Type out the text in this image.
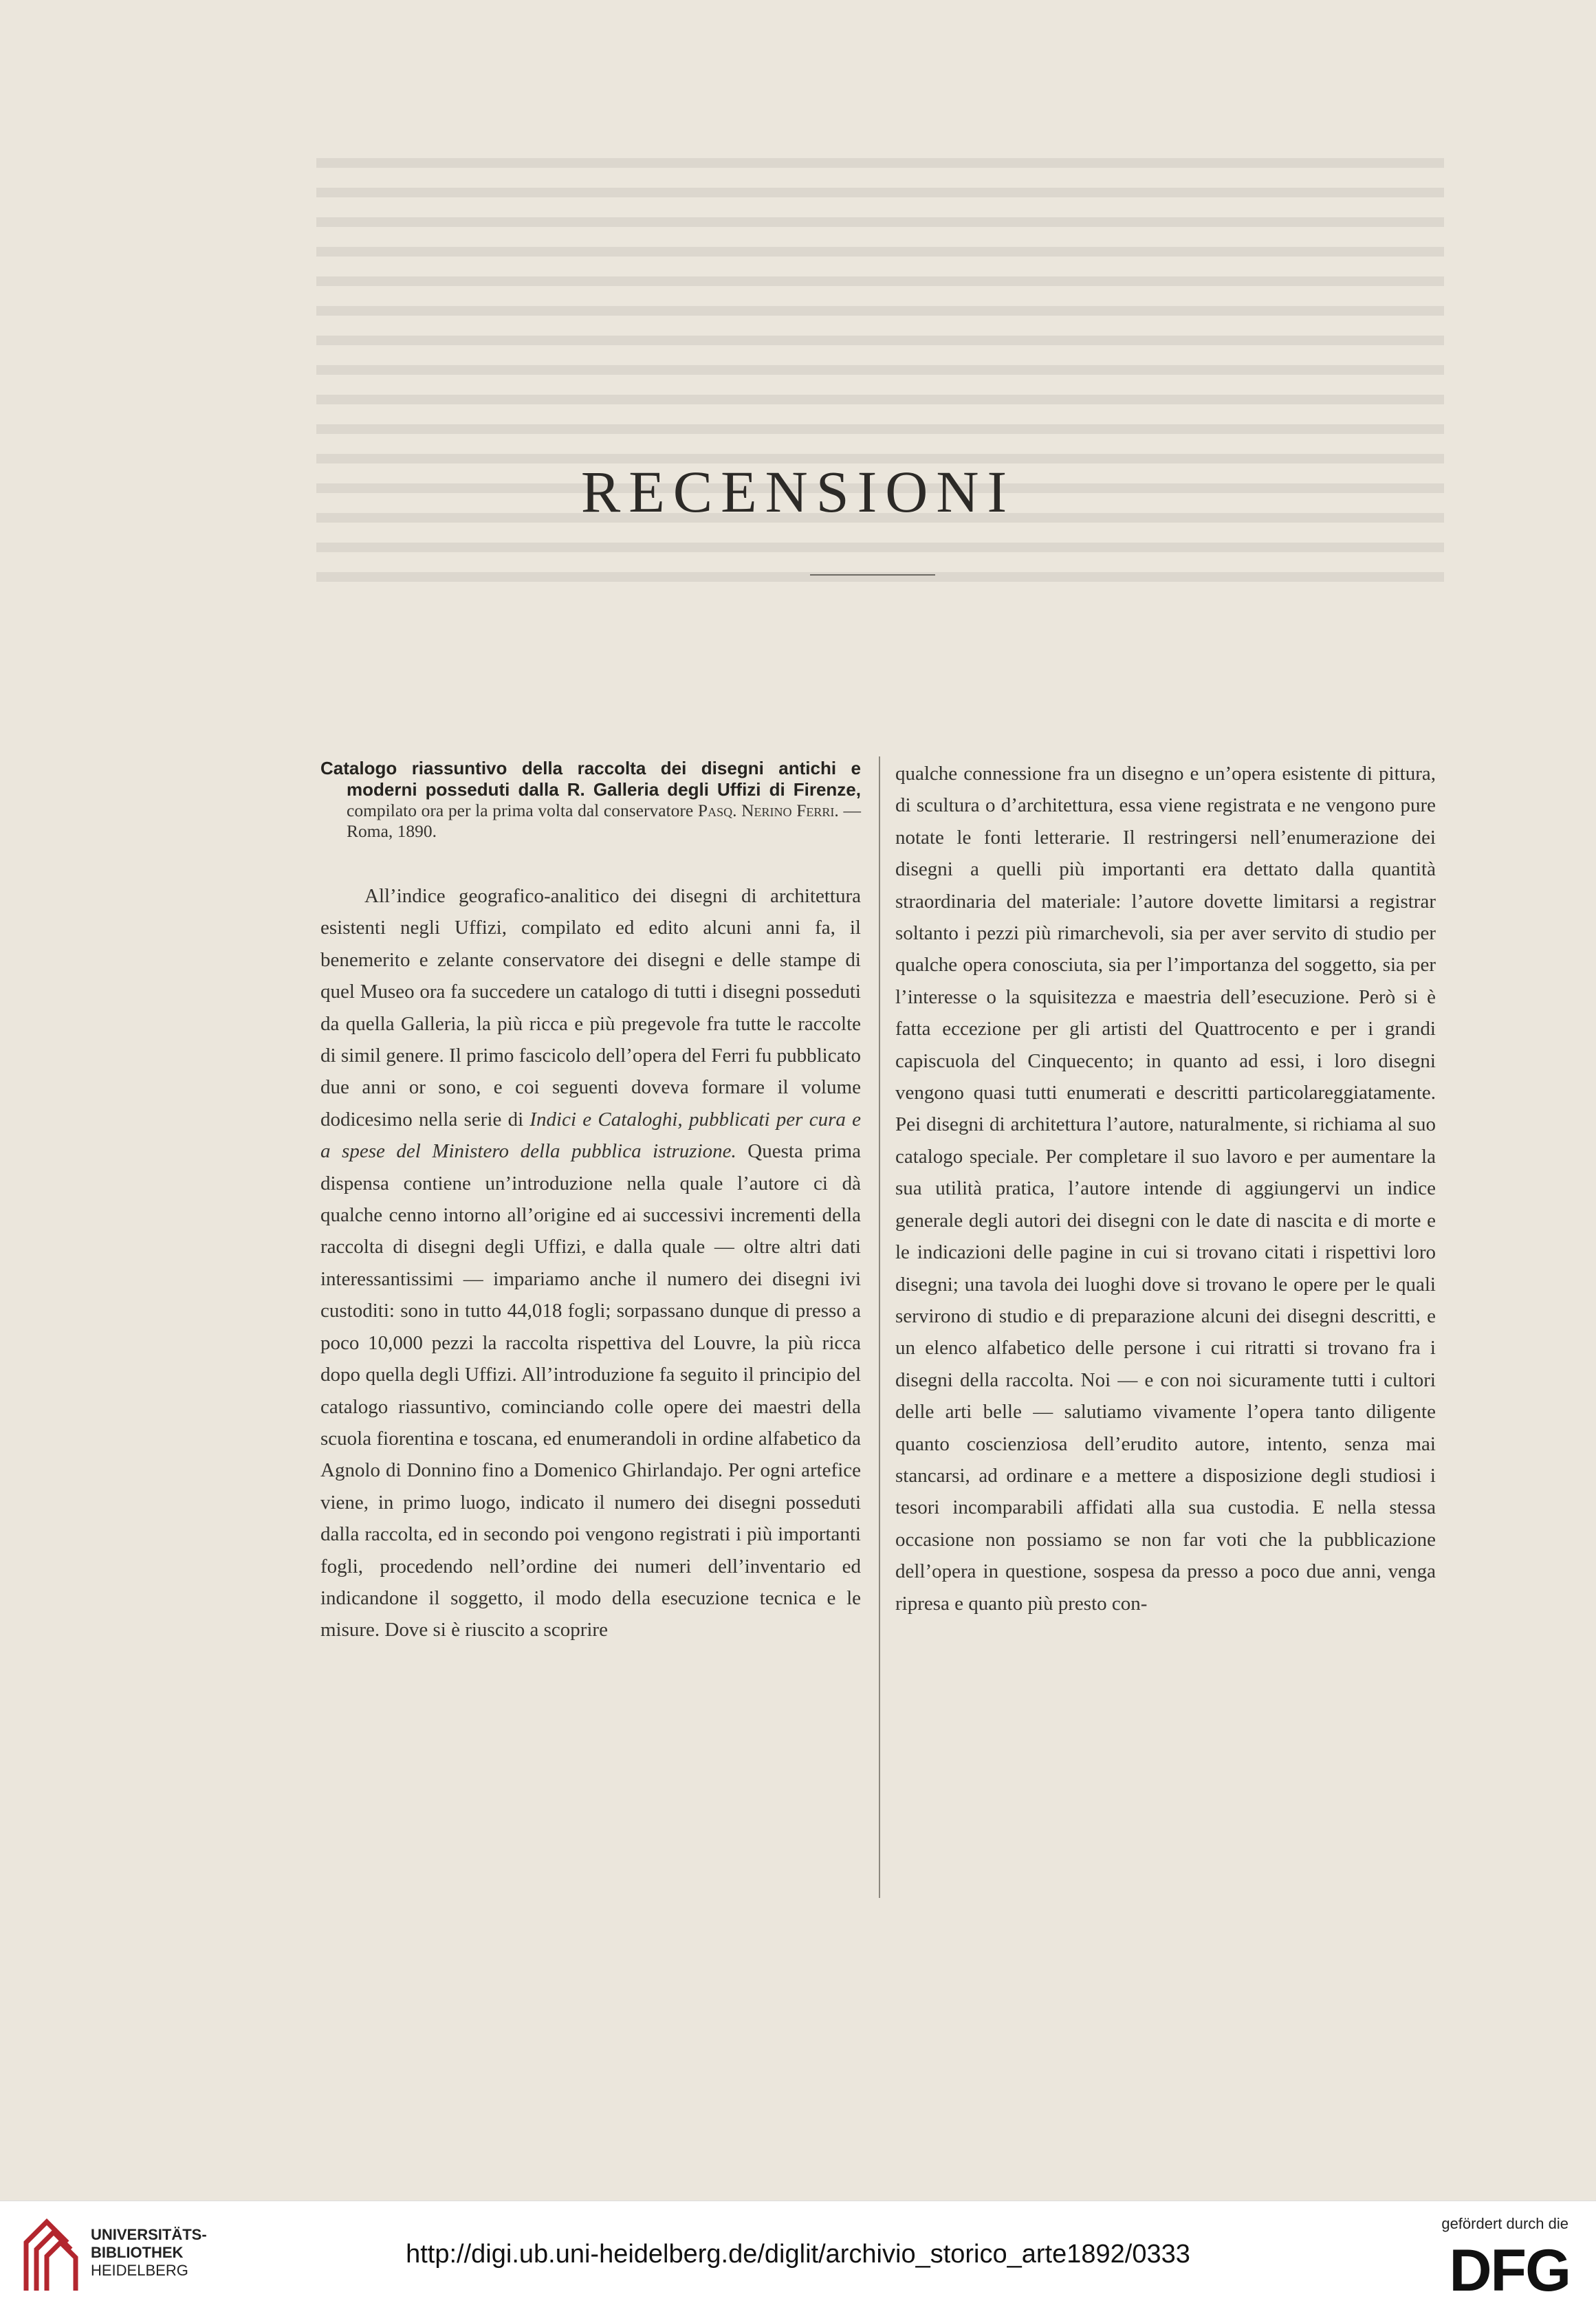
RECENSIONI

Catalogo riassuntivo della raccolta dei disegni antichi e moderni posseduti dalla R. Galleria degli Uffizi di Firenze, compilato ora per la prima volta dal conservatore Pasq. Nerino Ferri. — Roma, 1890.

All’indice geografico-analitico dei disegni di architettura esistenti negli Uffizi, compilato ed edito alcuni anni fa, il benemerito e zelante conservatore dei disegni e delle stampe di quel Museo ora fa succedere un catalogo di tutti i disegni posseduti da quella Galleria, la più ricca e più pregevole fra tutte le raccolte di simil genere. Il primo fascicolo dell’opera del Ferri fu pubblicato due anni or sono, e coi seguenti doveva formare il volume dodicesimo nella serie di Indici e Cataloghi, pubblicati per cura e a spese del Ministero della pubblica istruzione. Questa prima dispensa contiene un’introduzione nella quale l’autore ci dà qualche cenno intorno all’origine ed ai successivi incrementi della raccolta di disegni degli Uffizi, e dalla quale — oltre altri dati interessantissimi — impariamo anche il numero dei disegni ivi custoditi: sono in tutto 44,018 fogli; sorpassano dunque di presso a poco 10,000 pezzi la raccolta rispettiva del Louvre, la più ricca dopo quella degli Uffizi. All’introduzione fa seguito il principio del catalogo riassuntivo, cominciando colle opere dei maestri della scuola fiorentina e toscana, ed enumerandoli in ordine alfabetico da Agnolo di Donnino fino a Domenico Ghirlandajo. Per ogni artefice viene, in primo luogo, indicato il numero dei disegni posseduti dalla raccolta, ed in secondo poi vengono registrati i più importanti fogli, procedendo nell’ordine dei numeri dell’inventario ed indicandone il soggetto, il modo della esecuzione tecnica e le misure. Dove si è riuscito a scoprire

qualche connessione fra un disegno e un’opera esistente di pittura, di scultura o d’architettura, essa viene registrata e ne vengono pure notate le fonti letterarie. Il restringersi nell’enumerazione dei disegni a quelli più importanti era dettato dalla quantità straordinaria del materiale: l’autore dovette limitarsi a registrar soltanto i pezzi più rimarchevoli, sia per aver servito di studio per qualche opera conosciuta, sia per l’importanza del soggetto, sia per l’interesse o la squisitezza e maestria dell’esecuzione. Però si è fatta eccezione per gli artisti del Quattrocento e per i grandi capiscuola del Cinquecento; in quanto ad essi, i loro disegni vengono quasi tutti enumerati e descritti particolareggiatamente. Pei disegni di architettura l’autore, naturalmente, si richiama al suo catalogo speciale. Per completare il suo lavoro e per aumentare la sua utilità pratica, l’autore intende di aggiungervi un indice generale degli autori dei disegni con le date di nascita e di morte e le indicazioni delle pagine in cui si trovano citati i rispettivi loro disegni; una tavola dei luoghi dove si trovano le opere per le quali servirono di studio e di preparazione alcuni dei disegni descritti, e un elenco alfabetico delle persone i cui ritratti si trovano fra i disegni della raccolta. Noi — e con noi sicuramente tutti i cultori delle arti belle — salutiamo vivamente l’opera tanto diligente quanto coscienziosa dell’erudito autore, intento, senza mai stancarsi, ad ordinare e a mettere a disposizione degli studiosi i tesori incomparabili affidati alla sua custodia. E nella stessa occasione non possiamo se non far voti che la pubblicazione dell’opera in questione, sospesa da presso a poco due anni, venga ripresa e quanto più presto con-

UNIVERSITÄTS-
BIBLIOTHEK
HEIDELBERG
http://digi.ub.uni-heidelberg.de/diglit/archivio_storico_arte1892/0333
gefördert durch die
DFG
